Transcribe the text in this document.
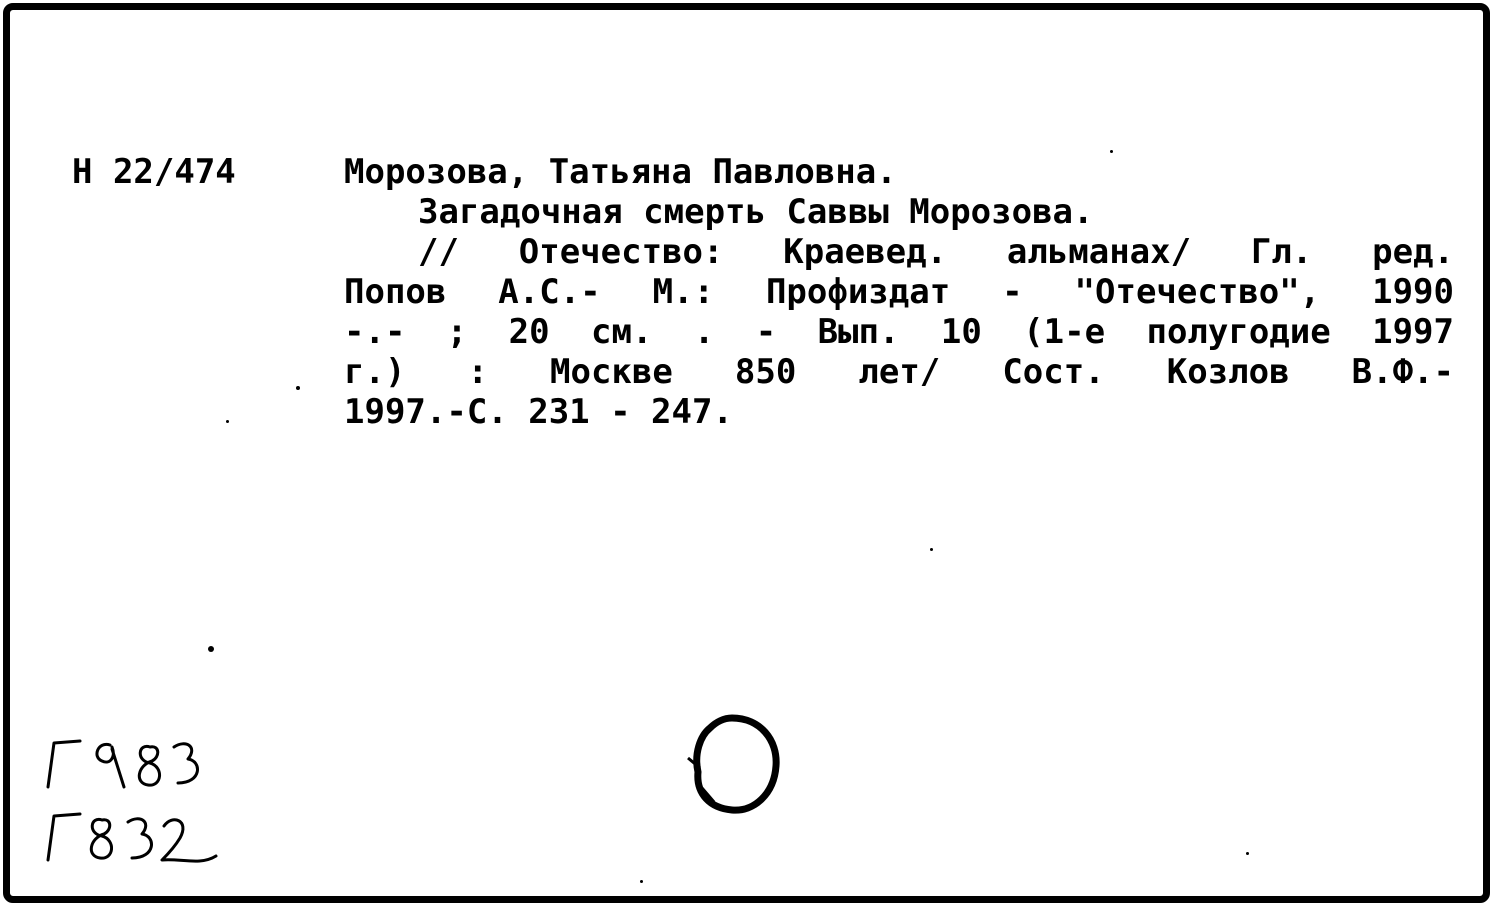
Н 22/474	Морозова, Татьяна Павловна.
Загадочная смерть Саввы Морозова.
// Отечество: Краевед. альманах/ Гл. ред.
Попов А.С.- М.: Профиздат - "Отечество", 1990
-.- ; 20 см. . - Вып. 10 (1-е полугодие 1997
г.) : Москве 850 лет/ Сост. Козлов В.Ф.-
1997.-С. 231 - 247.
